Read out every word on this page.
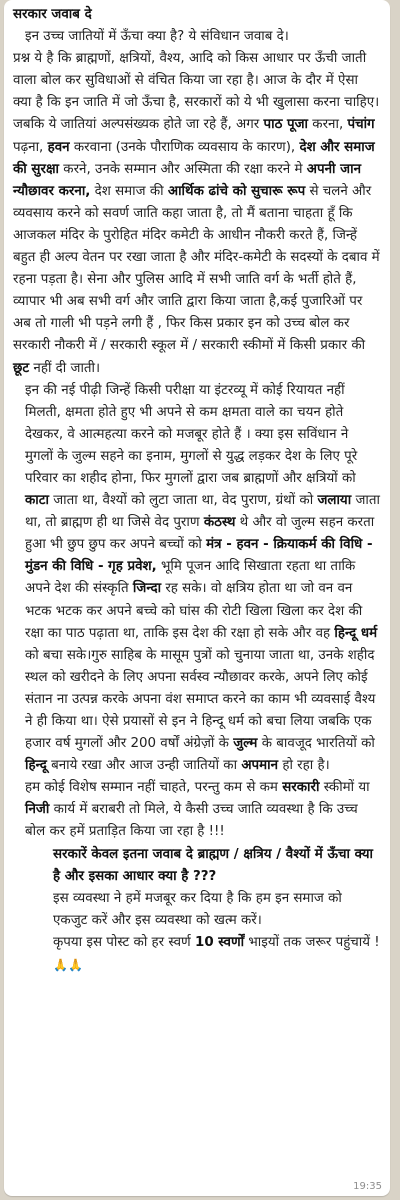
सरकार जवाब दे

इन उच्च जातियों में ऊँचा क्या है? ये संविधान जवाब दे।

प्रश्न ये है कि ब्राह्मणों, क्षत्रियों, वैश्य, आदि को किस आधार पर ऊँची जाती वाला बोल कर सुविधाओं से वंचित किया जा रहा है। आज के दौर में ऐसा क्या है कि इन जाति में जो ऊँचा है, सरकारों को ये भी खुलासा करना चाहिए। जबकि ये जातियां अल्पसंख्यक होते जा रहे हैं, अगर पाठ पूजा करना, पंचांग पढ़ना, हवन करवाना (उनके पौराणिक व्यवसाय के कारण), देश और समाज की सुरक्षा करने, उनके सम्मान और अस्मिता की रक्षा करने मे अपनी जान न्यौछावर करना, देश समाज की आर्थिक ढांचे को सुचारू रूप से चलने और व्यवसाय करने को सवर्ण जाति कहा जाता है, तो मैं बताना चाहता हूँ कि आजकल मंदिर के पुरोहित मंदिर कमेटी के आधीन नौकरी करते हैं, जिन्हें बहुत ही अल्प वेतन पर रखा जाता है और मंदिर-कमेटी के सदस्यों के दबाव में रहना पड़ता है। सेना और पुलिस आदि में सभी जाति वर्ग के भर्ती होते हैं, व्यापार भी अब सभी वर्ग और जाति द्वारा किया जाता है,कई पुजारिओं पर अब तो गाली भी पड़ने लगी हैं , फिर किस प्रकार इन को उच्च बोल कर सरकारी नौकरी में / सरकारी स्कूल में / सरकारी स्कीमों में किसी प्रकार की छूट नहीं दी जाती।

इन की नई पीढ़ी जिन्हें किसी परीक्षा या इंटरव्यू में कोई रियायत नहीं मिलती, क्षमता होते हुए भी अपने से कम क्षमता वाले का चयन होते देखकर, वे आत्महत्या करने को मजबूर होते हैं । क्या इस सविंधान ने मुगलों के जुल्म सहने का इनाम, मुगलों से युद्ध लड़कर देश के लिए पूरे परिवार का शहीद होना, फिर मुगलों द्वारा जब ब्राह्मणों और क्षत्रियों को काटा जाता था, वैश्यों को लुटा जाता था, वेद पुराण, ग्रंथों को जलाया जाता था, तो ब्राह्मण ही था जिसे वेद पुराण कंठस्थ थे और वो जुल्म सहन करता हुआ भी छुप छुप कर अपने बच्चों को मंत्र - हवन - क्रियाकर्म की विधि - मुंडन की विधि - गृह प्रवेश, भूमि पूजन आदि सिखाता रहता था ताकि अपने देश की संस्कृति जिन्दा रह सके। वो क्षत्रिय होता था जो वन वन भटक भटक कर अपने बच्चे को घांस की रोटी खिला खिला कर देश की रक्षा का पाठ पढ़ाता था, ताकि इस देश की रक्षा हो सके और वह हिन्दू धर्म को बचा सके।गुरु साहिब के मासूम पुत्रों को चुनाया जाता था, उनके शहीद स्थल को खरीदने के लिए अपना सर्वस्व न्यौछावर करके, अपने लिए कोई संतान ना उत्पन्न करके अपना वंश समाप्त करने का काम भी व्यवसाई वैश्य ने ही किया था। ऐसे प्रयासों से इन ने हिन्दू धर्म को बचा लिया जबकि एक हजार वर्ष मुगलों और 200 वर्षों अंग्रेज़ों के जुल्म के बावजूद भारतियों को हिन्दू बनाये रखा और आज उन्ही जातियों का अपमान हो रहा है।

हम कोई विशेष सम्मान नहीं चाहते, परन्तु कम से कम सरकारी स्कीमों या निजी कार्य में बराबरी तो मिले, ये कैसी उच्च जाति व्यवस्था है कि उच्च बोल कर हमें प्रताड़ित किया जा रहा है !!!

सरकारें केवल इतना जवाब दे ब्राह्मण / क्षत्रिय / वैश्यों में ऊँचा क्या है और इसका आधार क्या है ???

इस व्यवस्था ने हमें मजबूर कर दिया है कि हम इन समाज को एकजुट करें और इस व्यवस्था को खत्म करें।

कृपया इस पोस्ट को हर स्वर्ण 10 स्वर्णों भाइयों तक जरूर पहुंचायें ! 🙏🙏

19:35
